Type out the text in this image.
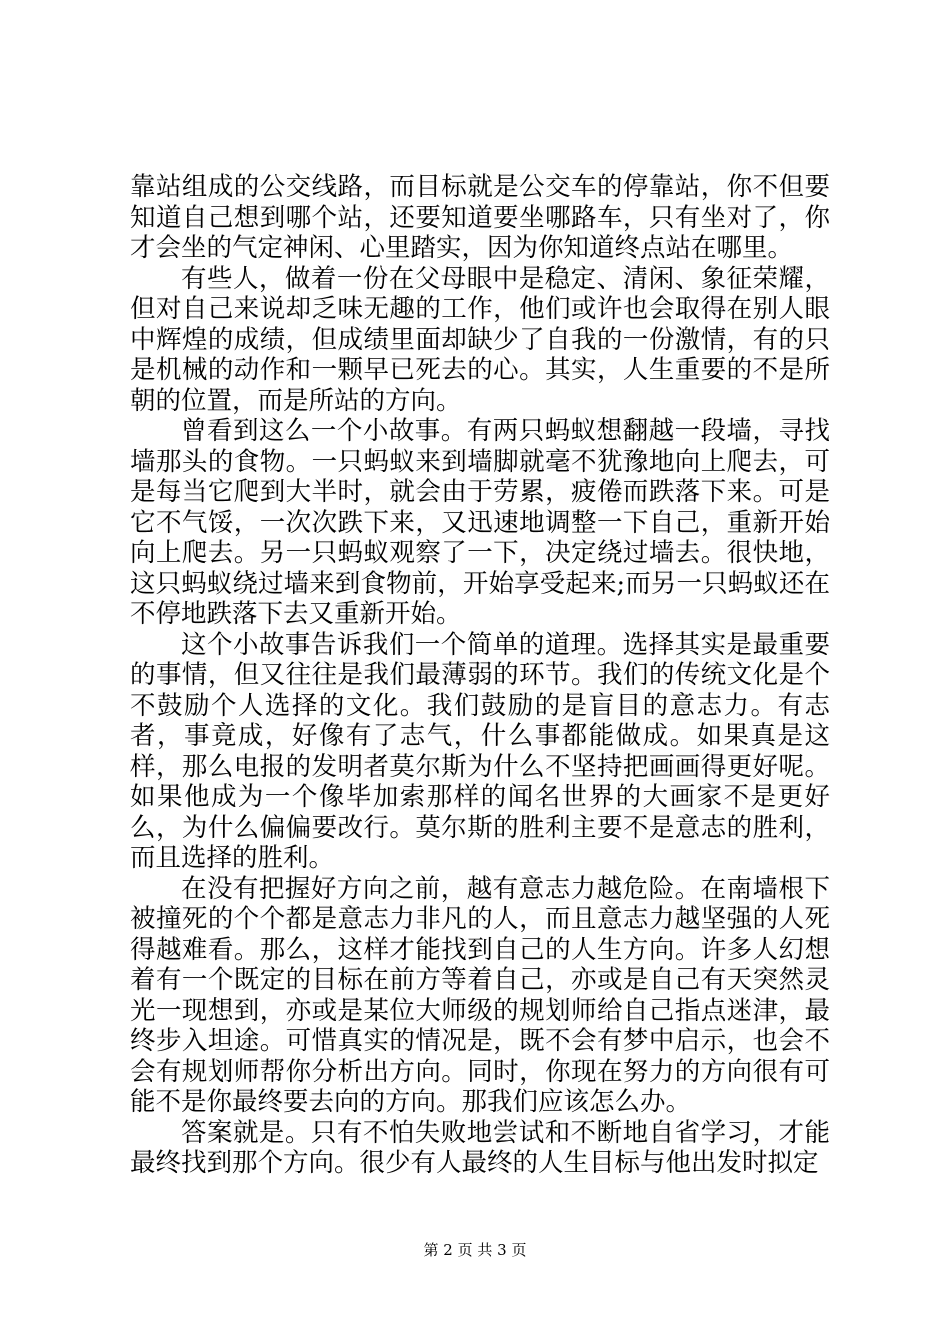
靠站组成的公交线路，而目标就是公交车的停靠站，你不但要知道自己想到哪个站，还要知道要坐哪路车，只有坐对了，你才会坐的气定神闲、心里踏实，因为你知道终点站在哪里。

有些人，做着一份在父母眼中是稳定、清闲、象征荣耀，但对自己来说却乏味无趣的工作，他们或许也会取得在别人眼中辉煌的成绩，但成绩里面却缺少了自我的一份激情，有的只是机械的动作和一颗早已死去的心。其实，人生重要的不是所朝的位置，而是所站的方向。

曾看到这么一个小故事。有两只蚂蚁想翻越一段墙，寻找墙那头的食物。一只蚂蚁来到墙脚就毫不犹豫地向上爬去，可是每当它爬到大半时，就会由于劳累，疲倦而跌落下来。可是它不气馁，一次次跌下来，又迅速地调整一下自己，重新开始向上爬去。另一只蚂蚁观察了一下，决定绕过墙去。很快地，这只蚂蚁绕过墙来到食物前，开始享受起来;而另一只蚂蚁还在不停地跌落下去又重新开始。

这个小故事告诉我们一个简单的道理。选择其实是最重要的事情，但又往往是我们最薄弱的环节。我们的传统文化是个不鼓励个人选择的文化。我们鼓励的是盲目的意志力。有志者，事竟成，好像有了志气，什么事都能做成。如果真是这样，那么电报的发明者莫尔斯为什么不坚持把画画得更好呢。如果他成为一个像毕加索那样的闻名世界的大画家不是更好么，为什么偏偏要改行。莫尔斯的胜利主要不是意志的胜利，而且选择的胜利。

在没有把握好方向之前，越有意志力越危险。在南墙根下被撞死的个个都是意志力非凡的人，而且意志力越坚强的人死得越难看。那么，这样才能找到自己的人生方向。许多人幻想着有一个既定的目标在前方等着自己，亦或是自己有天突然灵光一现想到，亦或是某位大师级的规划师给自己指点迷津，最终步入坦途。可惜真实的情况是，既不会有梦中启示，也会不会有规划师帮你分析出方向。同时，你现在努力的方向很有可能不是你最终要去向的方向。那我们应该怎么办。

答案就是。只有不怕失败地尝试和不断地自省学习，才能最终找到那个方向。很少有人最终的人生目标与他出发时拟定

第 2 页 共 3 页
